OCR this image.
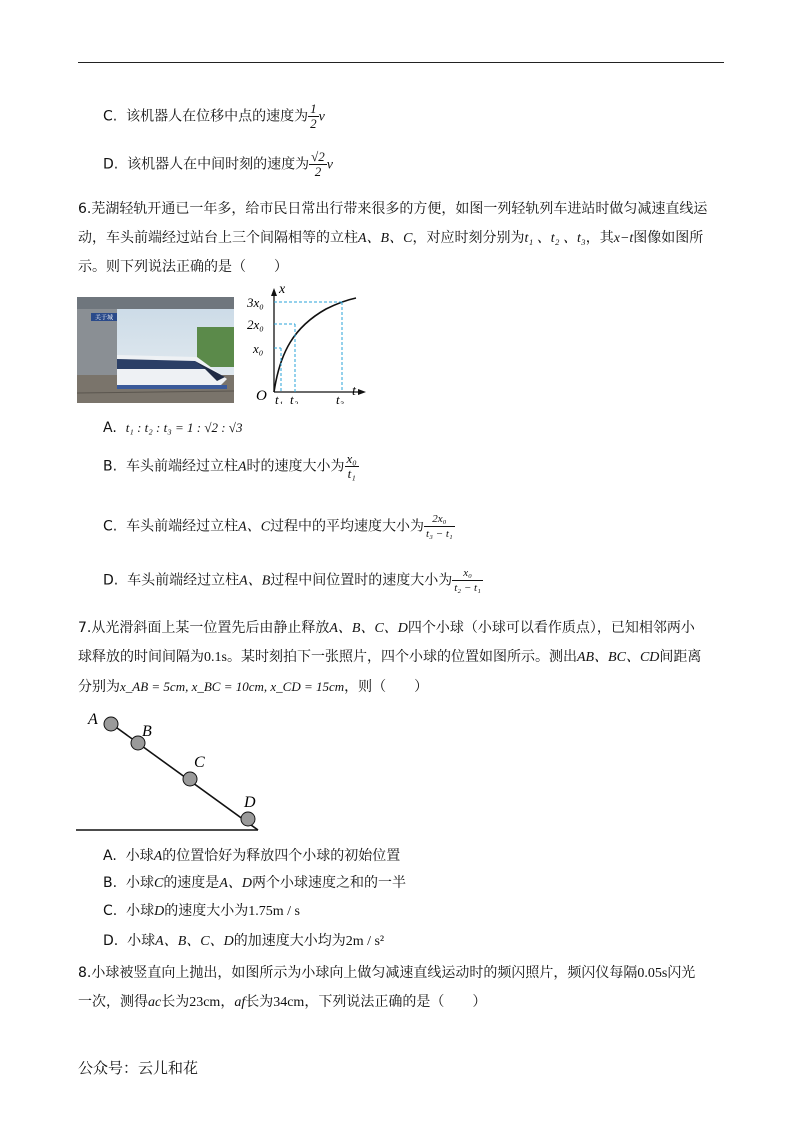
C. 该机器人在位移中点的速度为 $\frac{1}{2}$ v
D. 该机器人在中间时刻的速度为 $\frac{√2}{2}$ v
6.芜湖轻轨开通已一年多，给市民日常出行带来很多的方便，如图一列轻轨列车进站时做匀减速直线运
动，车头前端经过站台上三个间隔相等的立柱A、B、C，对应时刻分别为t₁ 、t₂ 、t₃，其x−t图像如图所
示。则下列说法正确的是（　　）
关于城
x
t
O
3x₀
2x₀
x₀
t₁ t₂	t₃
A. t₁ : t₂ : t₃ = 1 : √2 : √3
B. 车头前端经过立柱A时的速度大小为 $\frac{\text{x₀}}{\text{t₁}}$
C. 车头前端经过立柱A、C过程中的平均速度大小为 $\frac{\text{2x₀}}{\text{t₃ − t₁}}$
D. 车头前端经过立柱A、B过程中间位置时的速度大小为 $\frac{\text{x₀}}{\text{t₂ − t₁}}$
7.从光滑斜面上某一位置先后由静止释放A、B、C、D四个小球（小球可以看作质点），已知相邻两小
球释放的时间间隔为0.1s。某时刻拍下一张照片，四个小球的位置如图所示。测出AB、BC、CD间距离
分别为x_AB = 5cm, x_BC = 10cm, x_CD = 15cm，则（　　）
A
B
C
D
A. 小球A的位置恰好为释放四个小球的初始位置
B. 小球C的速度是A、D两个小球速度之和的一半
C. 小球D的速度大小为1.75m / s
D. 小球A、B、C、D的加速度大小均为2m / s²
8.小球被竖直向上抛出，如图所示为小球向上做匀减速直线运动时的频闪照片，频闪仪每隔0.05s闪光
一次，测得ac长为23cm，af长为34cm，下列说法正确的是（　　）
公众号：云儿和花
